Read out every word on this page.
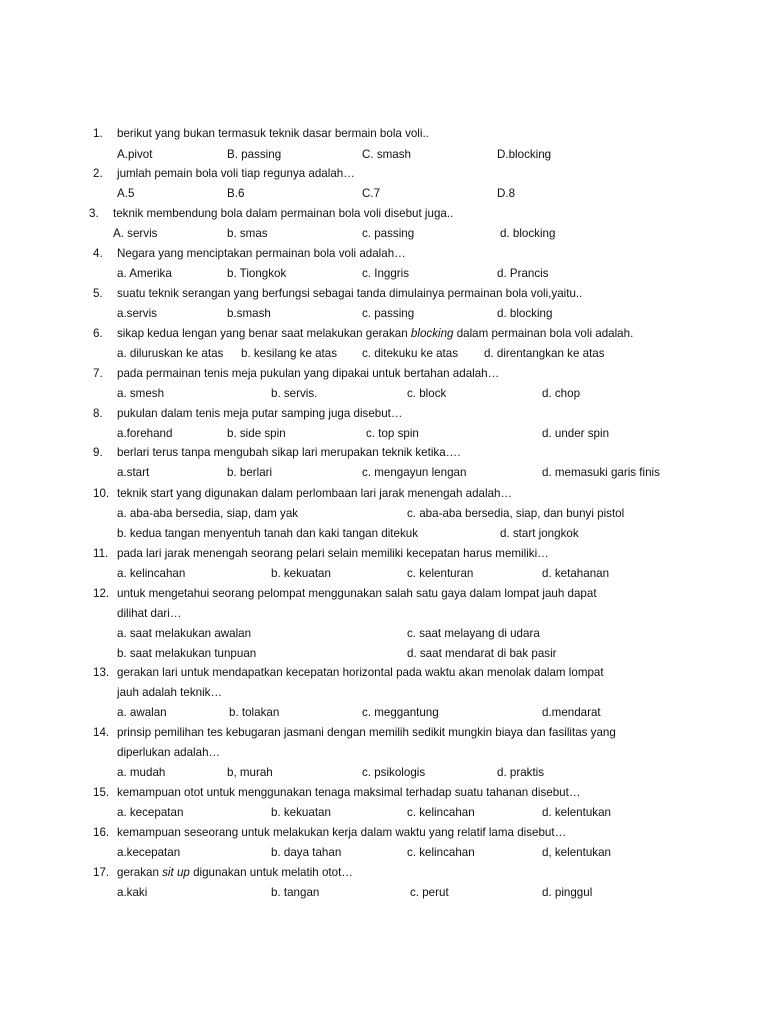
1. berikut yang bukan termasuk teknik dasar bermain bola voli..
A.pivot	B. passing	C. smash	D.blocking
2. jumlah pemain bola voli tiap regunya adalah…
A.5	B.6	C.7	D.8
3. teknik membendung bola dalam permainan bola voli disebut juga..
A. servis	b. smas	c. passing	d. blocking
4. Negara yang menciptakan permainan bola voli adalah…
a. Amerika	b. Tiongkok	c. Inggris	d. Prancis
5. suatu teknik serangan yang berfungsi sebagai tanda dimulainya permainan bola voli,yaitu..
a.servis	b.smash	c. passing	d. blocking
6. sikap kedua lengan yang benar saat melakukan gerakan blocking dalam permainan bola voli adalah.
a. diluruskan ke atas b. kesilang ke atas c. ditekuku ke atas d. direntangkan ke atas
7. pada permainan tenis meja pukulan yang dipakai untuk bertahan adalah…
a. smesh	b. servis.	c. block	d. chop
8. pukulan dalam tenis meja putar samping juga disebut…
a.forehand	b. side spin	c. top spin	d. under spin
9. berlari terus tanpa mengubah sikap lari merupakan teknik ketika….
a.start	b. berlari	c. mengayun lengan	d. memasuki garis finis
10. teknik start yang digunakan dalam perlombaan lari jarak menengah adalah…
a. aba-aba bersedia, siap, dam yak	c. aba-aba bersedia, siap, dan bunyi pistol
b. kedua tangan menyentuh tanah dan kaki tangan ditekuk	d. start jongkok
11. pada lari jarak menengah seorang pelari selain memiliki kecepatan harus memiliki…
a. kelincahan	b. kekuatan	c. kelenturan	d. ketahanan
12. untuk mengetahui seorang pelompat menggunakan salah satu gaya dalam lompat jauh dapat
dilihat dari…
a. saat melakukan awalan	c. saat melayang di udara
b. saat melakukan tunpuan	d. saat mendarat di bak pasir
13. gerakan lari untuk mendapatkan kecepatan horizontal pada waktu akan menolak dalam lompat
jauh adalah teknik…
a. awalan	b. tolakan	c. meggantung	d.mendarat
14. prinsip pemilihan tes kebugaran jasmani dengan memilih sedikit mungkin biaya dan fasilitas yang
diperlukan adalah…
a. mudah	b, murah	c. psikologis	d. praktis
15. kemampuan otot untuk menggunakan tenaga maksimal terhadap suatu tahanan disebut…
a. kecepatan	b. kekuatan	c. kelincahan	d. kelentukan
16. kemampuan seseorang untuk melakukan kerja dalam waktu yang relatif lama disebut…
a.kecepatan	b. daya tahan	c. kelincahan	d, kelentukan
17. gerakan sit up digunakan untuk melatih otot…
a.kaki	b. tangan	c. perut	d. pinggul
